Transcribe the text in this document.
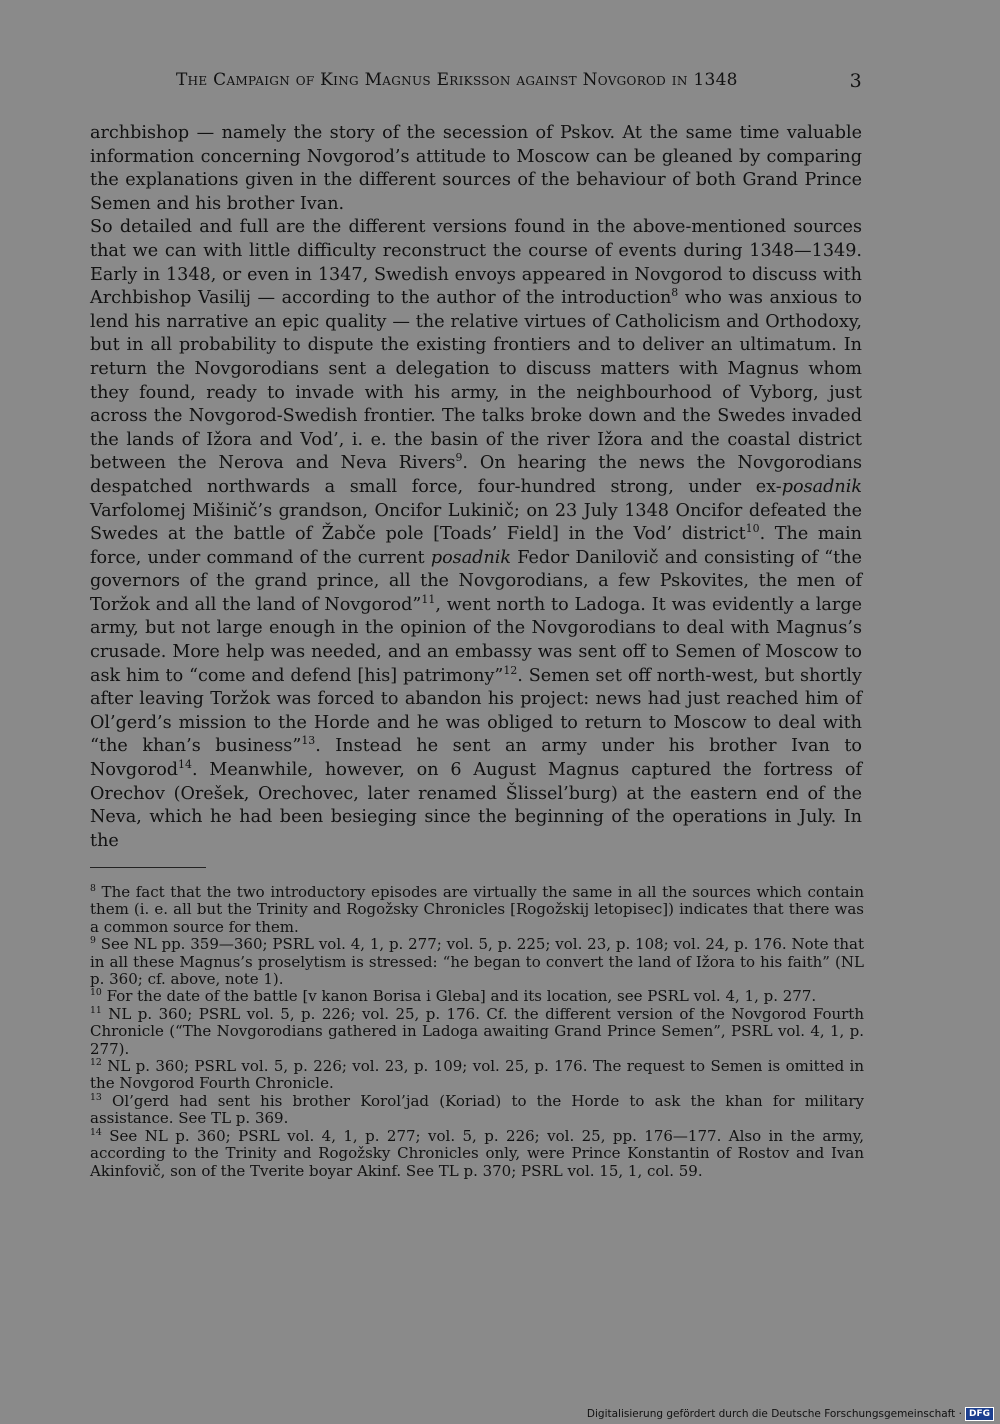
The Campaign of King Magnus Eriksson against Novgorod in 1348	3

archbishop — namely the story of the secession of Pskov. At the same time valuable information concerning Novgorod’s attitude to Moscow can be gleaned by comparing the explanations given in the different sources of the behaviour of both Grand Prince Semen and his brother Ivan.

So detailed and full are the different versions found in the above-mentioned sources that we can with little difficulty reconstruct the course of events during 1348—1349. Early in 1348, or even in 1347, Swedish envoys appeared in Novgorod to discuss with Archbishop Vasilij — according to the author of the introduction$^8$ who was anxious to lend his narrative an epic quality — the relative virtues of Catholicism and Orthodoxy, but in all probability to dispute the existing frontiers and to deliver an ultimatum. In return the Novgorodians sent a delegation to discuss matters with Magnus whom they found, ready to invade with his army, in the neighbourhood of Vyborg, just across the Novgorod-Swedish frontier. The talks broke down and the Swedes invaded the lands of Ižora and Vod’, i. e. the basin of the river Ižora and the coastal district between the Nerova and Neva Rivers$^9$. On hearing the news the Novgorodians despatched northwards a small force, four-hundred strong, under ex-posadnik Varfolomej Mišinič’s grandson, Oncifor Lukinič; on 23 July 1348 Oncifor defeated the Swedes at the battle of Žabče pole [Toads’ Field] in the Vod’ district$^{10}$. The main force, under command of the current posadnik Fedor Danilovič and consisting of “the governors of the grand prince, all the Novgorodians, a few Pskovites, the men of Toržok and all the land of Novgorod”$^{11}$, went north to Ladoga. It was evidently a large army, but not large enough in the opinion of the Novgorodians to deal with Magnus’s crusade. More help was needed, and an embassy was sent off to Semen of Moscow to ask him to “come and defend [his] patrimony”$^{12}$. Semen set off north-west, but shortly after leaving Toržok was forced to abandon his project: news had just reached him of Ol’gerd’s mission to the Horde and he was obliged to return to Moscow to deal with “the khan’s business”$^{13}$. Instead he sent an army under his brother Ivan to Novgorod$^{14}$. Meanwhile, however, on 6 August Magnus captured the fortress of Orechov (Orešek, Orechovec, later renamed Šlissel’burg) at the eastern end of the Neva, which he had been besieging since the beginning of the operations in July. In the

$^8$ The fact that the two introductory episodes are virtually the same in all the sources which contain them (i. e. all but the Trinity and Rogožsky Chronicles [Rogožskij letopisec]) indicates that there was a common source for them.

$^9$ See NL pp. 359—360; PSRL vol. 4, 1, p. 277; vol. 5, p. 225; vol. 23, p. 108; vol. 24, p. 176. Note that in all these Magnus’s proselytism is stressed: “he began to convert the land of Ižora to his faith” (NL p. 360; cf. above, note 1).

$^{10}$ For the date of the battle [v kanon Borisa i Gleba] and its location, see PSRL vol. 4, 1, p. 277.

$^{11}$ NL p. 360; PSRL vol. 5, p. 226; vol. 25, p. 176. Cf. the different version of the Novgorod Fourth Chronicle (“The Novgorodians gathered in Ladoga awaiting Grand Prince Semen”, PSRL vol. 4, 1, p. 277).

$^{12}$ NL p. 360; PSRL vol. 5, p. 226; vol. 23, p. 109; vol. 25, p. 176. The request to Semen is omitted in the Novgorod Fourth Chronicle.

$^{13}$ Ol’gerd had sent his brother Korol’jad (Koriad) to the Horde to ask the khan for military assistance. See TL p. 369.

$^{14}$ See NL p. 360; PSRL vol. 4, 1, p. 277; vol. 5, p. 226; vol. 25, pp. 176—177. Also in the army, according to the Trinity and Rogožsky Chronicles only, were Prince Konstantin of Rostov and Ivan Akinfovič, son of the Tverite boyar Akinf. See TL p. 370; PSRL vol. 15, 1, col. 59.

Digitalisierung gefördert durch die Deutsche Forschungsgemeinschaft · DFG
